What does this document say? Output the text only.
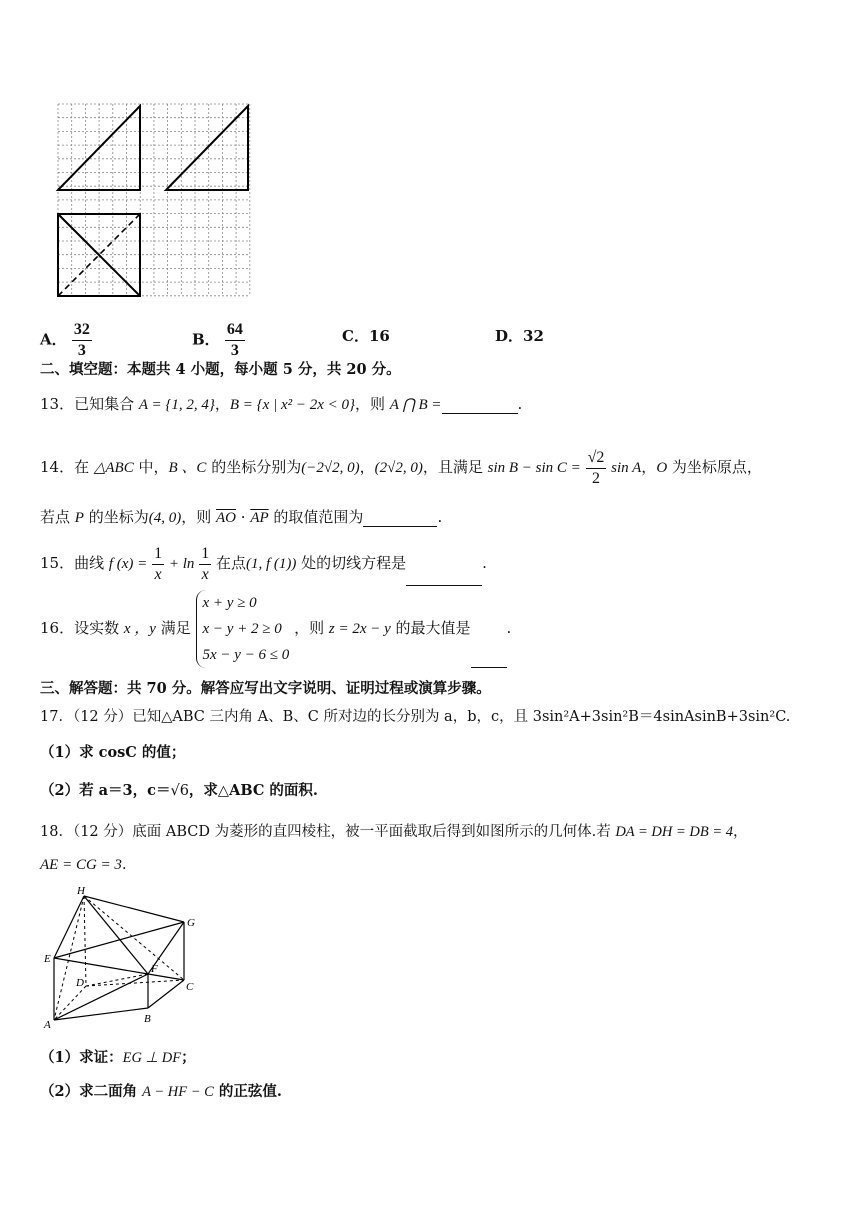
A． $\frac{32}{3}$	B． $\frac{64}{3}$	C．16	D．32
二、填空题：本题共 4 小题，每小题 5 分，共 20 分。
13．已知集合 A = {1, 2, 4}，B = {x | x² − 2x < 0}，则 A ⋂ B =	.
14．在 △ABC 中，B 、C 的坐标分别为(−2√2, 0)，(2√2, 0)，且满足 $\sin B - \sin C = \frac{√2}{2}$ sin A，O 为坐标原点，
若点 P 的坐标为(4, 0)，则 $\overline{AO} \cdot \overline{AP}$ 的取值范围为	.
15．曲线 f $(x) = \frac{1}{x} + \ln \frac{1}{x}$ 在点(1, f (1)) 处的切线方程是	.
16．设实数 x ，y 满足
x + y ≥ 0
x − y + 2 ≥ 0
5x − y − 6 ≤ 0
，则 z = 2x − y 的最大值是 .
三、解答题：共 70 分。解答应写出文字说明、证明过程或演算步骤。
17．（12 分）已知△ABC 三内角 A、B、C 所对边的长分别为 a，b，c，且 3sin²A+3sin²B＝4sinAsinB+3sin²C.
（1）求 cosC 的值；
（2）若 a＝3，c＝√6，求△ABC 的面积.
18．（12 分）底面 ABCD 为菱形的直四棱柱，被一平面截取后得到如图所示的几何体.若 DA = DH = DB = 4，
AE = CG = 3.
H
G
E
F
D	C
A	B
（1）求证：EG ⊥ DF；
（2）求二面角 A − HF − C 的正弦值.
